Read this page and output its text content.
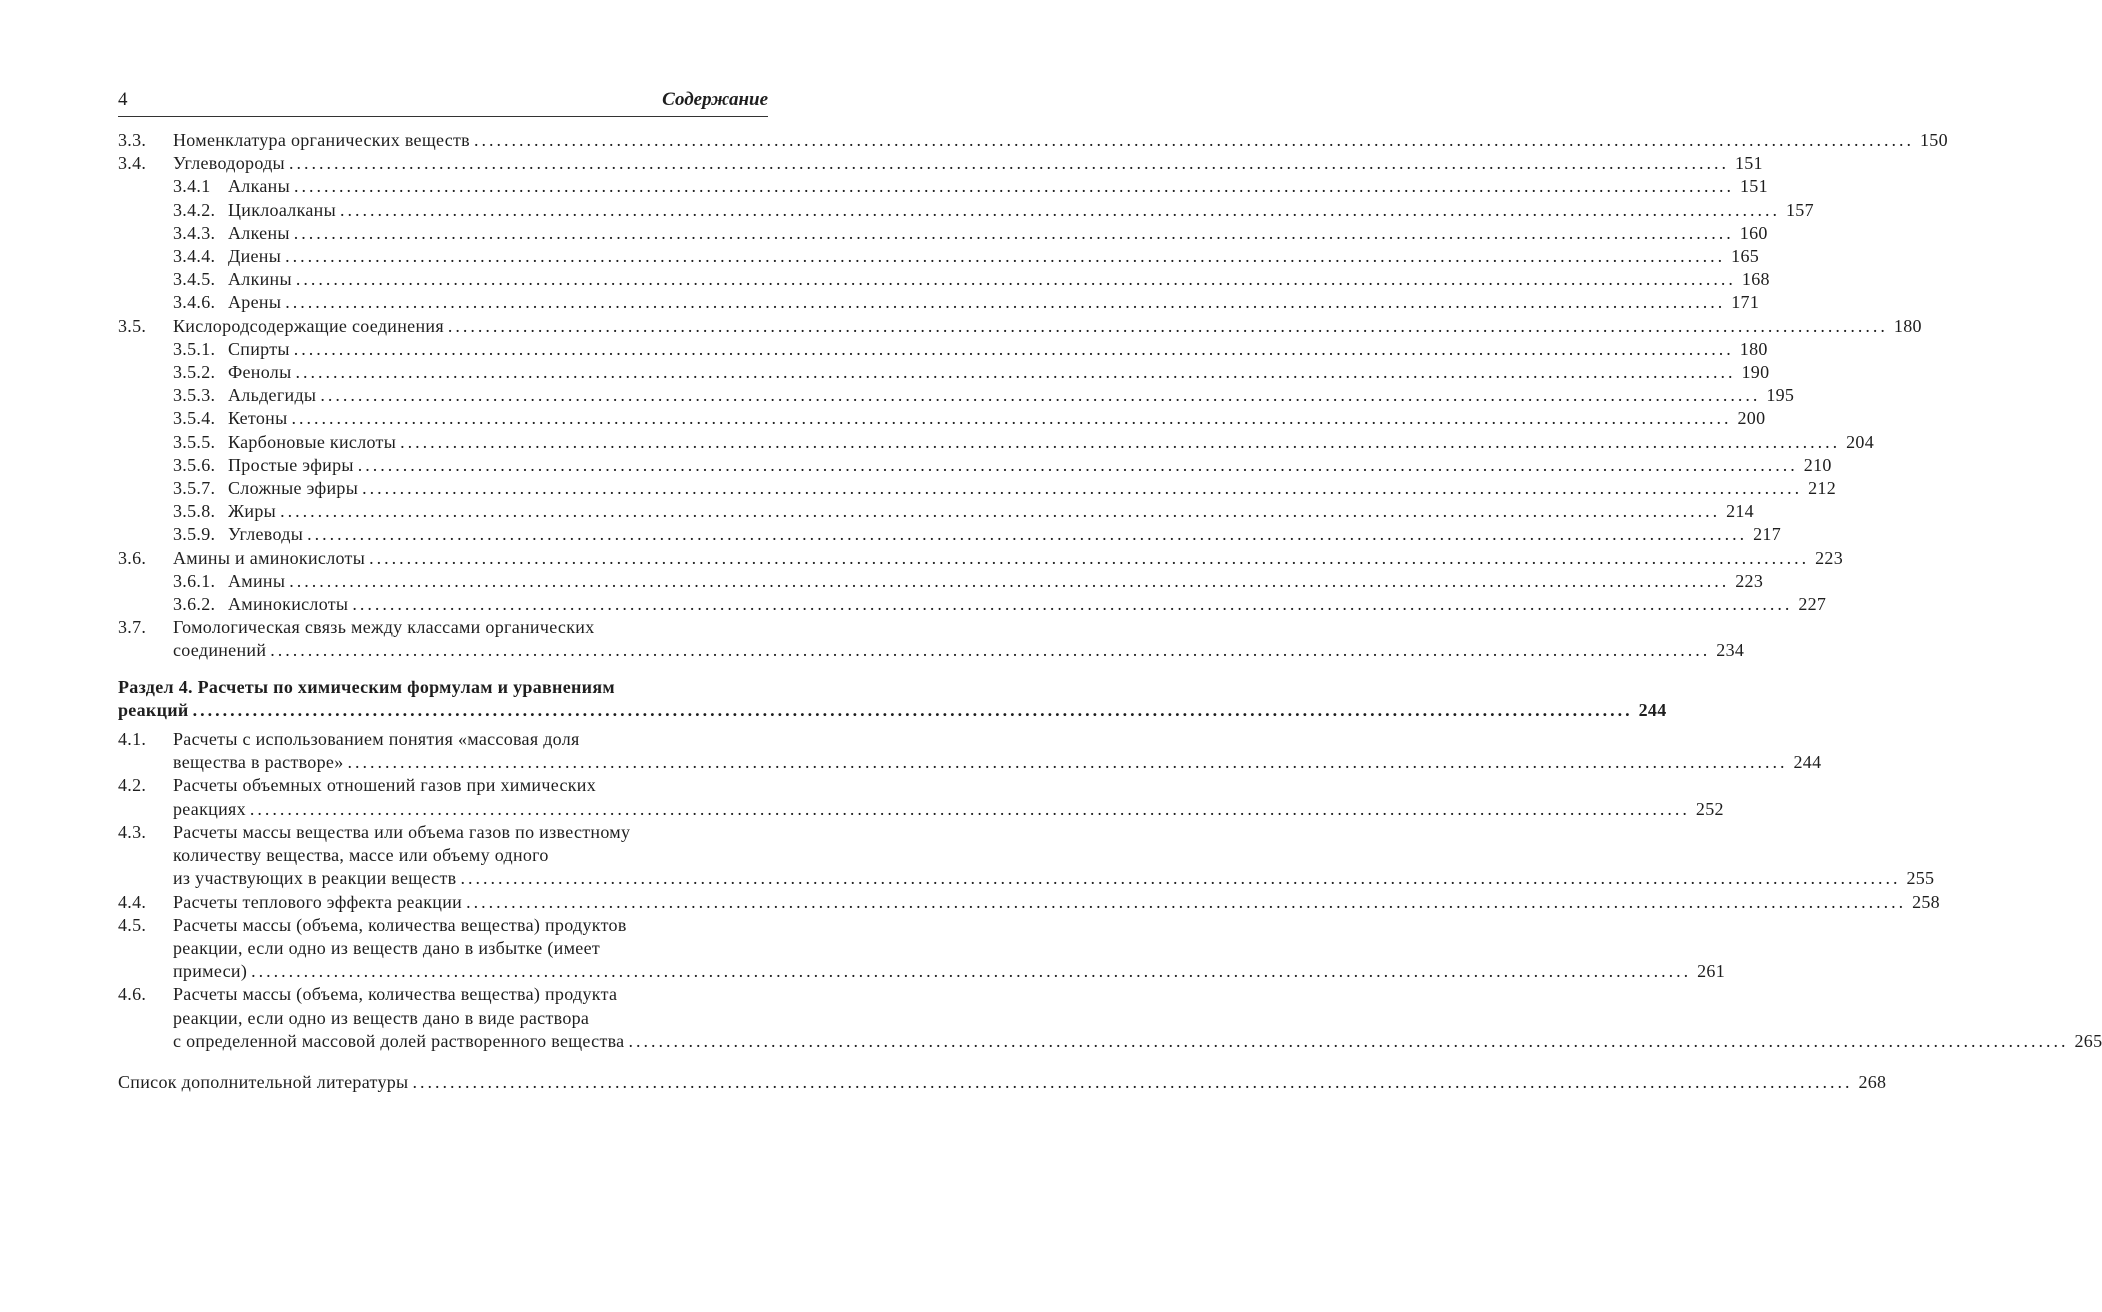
4	Содержание
3.3.	Номенклатура органических веществ ................................................................................................................................................................................................ 150
3.4.	Углеводороды ................................................................................................................................................................................................ 151
3.4.1 Алканы ................................................................................................................................................................................................ 151
3.4.2. Циклоалканы ................................................................................................................................................................................................ 157
3.4.3. Алкены ................................................................................................................................................................................................ 160
3.4.4. Диены ................................................................................................................................................................................................ 165
3.4.5. Алкины ................................................................................................................................................................................................ 168
3.4.6. Арены ................................................................................................................................................................................................ 171
3.5.	Кислородсодержащие соединения ................................................................................................................................................................................................ 180
3.5.1. Спирты ................................................................................................................................................................................................ 180
3.5.2. Фенолы ................................................................................................................................................................................................ 190
3.5.3. Альдегиды ................................................................................................................................................................................................ 195
3.5.4. Кетоны ................................................................................................................................................................................................ 200
3.5.5. Карбоновые кислоты ................................................................................................................................................................................................ 204
3.5.6. Простые эфиры ................................................................................................................................................................................................ 210
3.5.7. Сложные эфиры ................................................................................................................................................................................................ 212
3.5.8. Жиры ................................................................................................................................................................................................ 214
3.5.9. Углеводы ................................................................................................................................................................................................ 217
3.6.	Амины и аминокислоты ................................................................................................................................................................................................ 223
3.6.1. Амины ................................................................................................................................................................................................ 223
3.6.2. Аминокислоты ................................................................................................................................................................................................ 227
3.7.	Гомологическая связь между классами органических
соединений ................................................................................................................................................................................................ 234
Раздел 4. Расчеты по химическим формулам и уравнениям
реакций ................................................................................................................................................................................................ 244
4.1.	Расчеты с использованием понятия «массовая доля
вещества в растворе» ................................................................................................................................................................................................ 244
4.2.	Расчеты объемных отношений газов при химических
реакциях ................................................................................................................................................................................................ 252
4.3.	Расчеты массы вещества или объема газов по известному
количеству вещества, массе или объему одного
из участвующих в реакции веществ ................................................................................................................................................................................................ 255
4.4.	Расчеты теплового эффекта реакции ................................................................................................................................................................................................ 258
4.5.	Расчеты массы (объема, количества вещества) продуктов
реакции, если одно из веществ дано в избытке (имеет
примеси) ................................................................................................................................................................................................ 261
4.6.	Расчеты массы (объема, количества вещества) продукта
реакции, если одно из веществ дано в виде раствора
с определенной массовой долей растворенного вещества ................................................................................................................................................................................................ 265
Список дополнительной литературы ................................................................................................................................................................................................ 268
